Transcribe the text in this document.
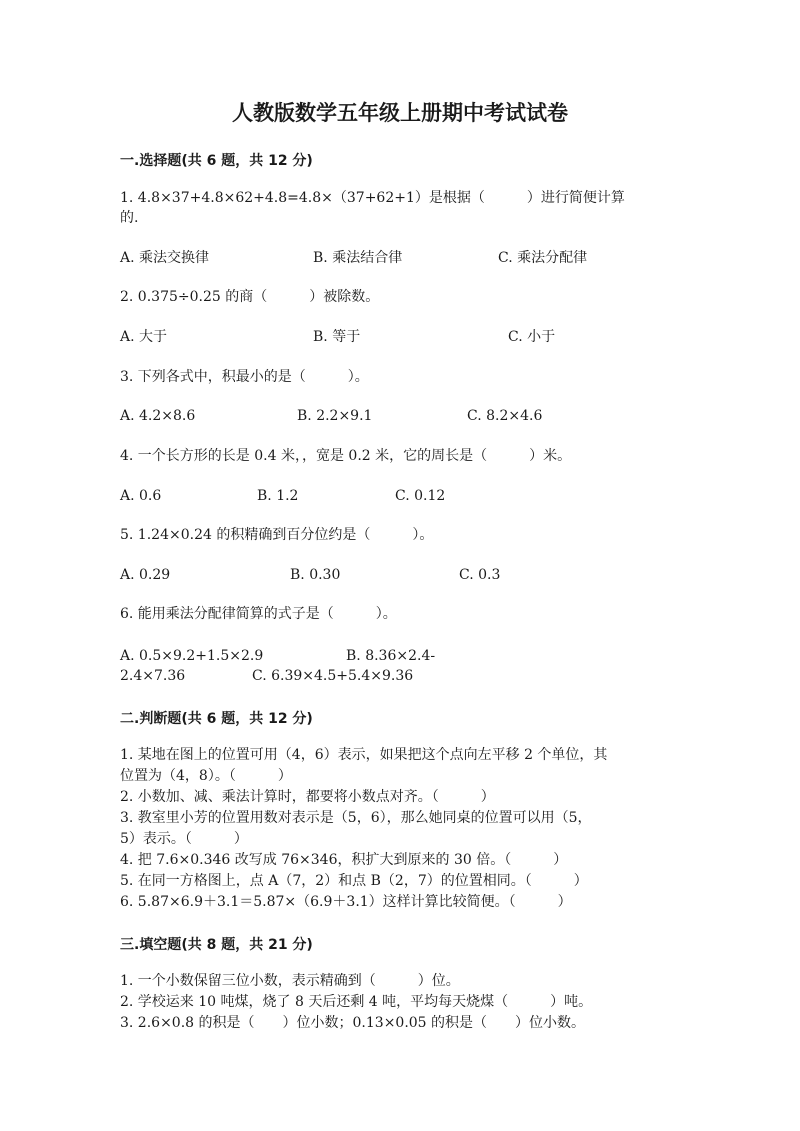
人教版数学五年级上册期中考试试卷
一.选择题(共 6 题，共 12 分)
1. 4.8×37+4.8×62+4.8=4.8×（37+62+1）是根据（　　　）进行简便计算
的.
A. 乘法交换律	B. 乘法结合律	C. 乘法分配律
2. 0.375÷0.25 的商（　　　）被除数。
A. 大于	B. 等于	C. 小于
3. 下列各式中，积最小的是（　　　）。
A. 4.2×8.6	B. 2.2×9.1	C. 8.2×4.6
4. 一个长方形的长是 0.4 米，，宽是 0.2 米，它的周长是（　　　）米。
A. 0.6	B. 1.2	C. 0.12
5. 1.24×0.24 的积精确到百分位约是（　　　）。
A. 0.29	B. 0.30	C. 0.3
6. 能用乘法分配律简算的式子是（　　　）。
A. 0.5×9.2+1.5×2.9	B. 8.36×2.4-
2.4×7.36	C. 6.39×4.5+5.4×9.36
二.判断题(共 6 题，共 12 分)
1. 某地在图上的位置可用（4，6）表示，如果把这个点向左平移 2 个单位，其
位置为（4，8）。（　　　）
2. 小数加、减、乘法计算时，都要将小数点对齐。（　　　）
3. 教室里小芳的位置用数对表示是（5，6），那么她同桌的位置可以用（5，
5）表示。（　　　）
4. 把 7.6×0.346 改写成 76×346，积扩大到原来的 30 倍。（　　　）
5. 在同一方格图上，点 A（7，2）和点 B（2，7）的位置相同。（　　　）
6. 5.87×6.9＋3.1＝5.87×（6.9＋3.1）这样计算比较简便。（　　　）
三.填空题(共 8 题，共 21 分)
1. 一个小数保留三位小数，表示精确到（　　　）位。
2. 学校运来 10 吨煤，烧了 8 天后还剩 4 吨，平均每天烧煤（　　　）吨。
3. 2.6×0.8 的积是（　　）位小数；0.13×0.05 的积是（　　）位小数。
